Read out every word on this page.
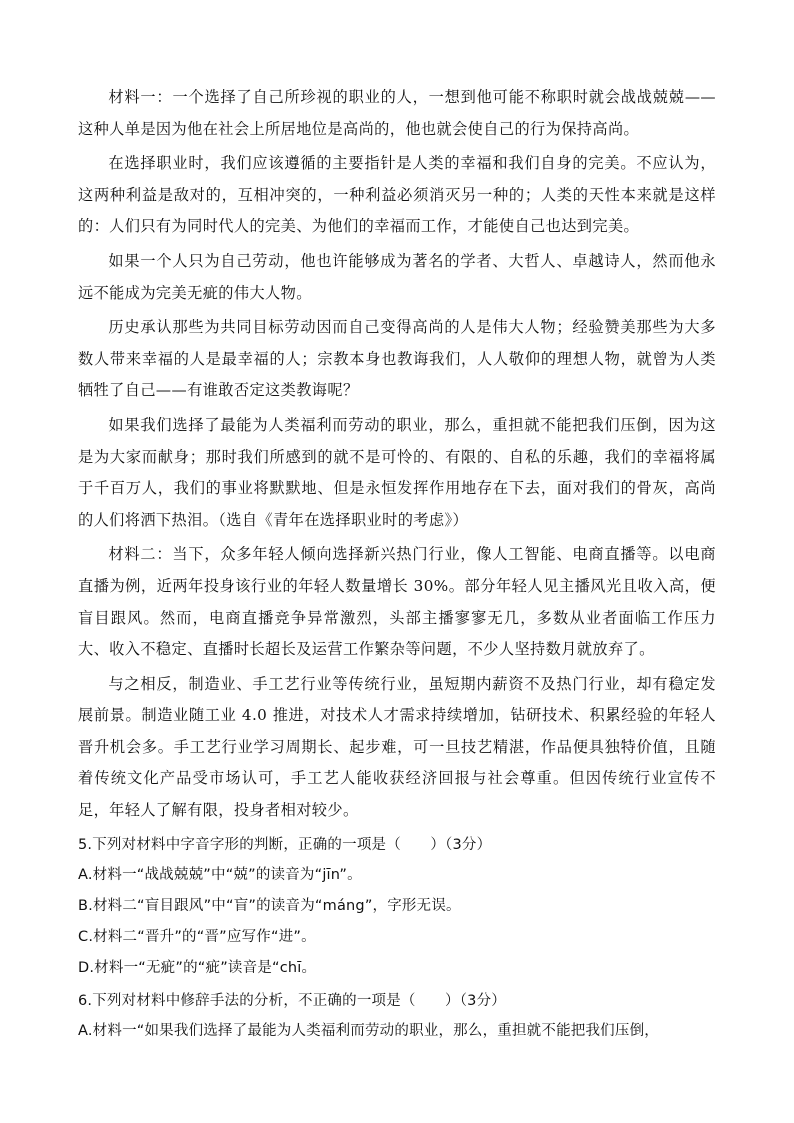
材料一：一个选择了自己所珍视的职业的人，一想到他可能不称职时就会战战兢兢——这种人单是因为他在社会上所居地位是高尚的，他也就会使自己的行为保持高尚。

在选择职业时，我们应该遵循的主要指针是人类的幸福和我们自身的完美。不应认为，这两种利益是敌对的，互相冲突的，一种利益必须消灭另一种的；人类的天性本来就是这样的：人们只有为同时代人的完美、为他们的幸福而工作，才能使自己也达到完美。

如果一个人只为自己劳动，他也许能够成为著名的学者、大哲人、卓越诗人，然而他永远不能成为完美无疵的伟大人物。

历史承认那些为共同目标劳动因而自己变得高尚的人是伟大人物；经验赞美那些为大多数人带来幸福的人是最幸福的人；宗教本身也教诲我们，人人敬仰的理想人物，就曾为人类牺牲了自己——有谁敢否定这类教诲呢？

如果我们选择了最能为人类福利而劳动的职业，那么，重担就不能把我们压倒，因为这是为大家而献身；那时我们所感到的就不是可怜的、有限的、自私的乐趣，我们的幸福将属于千百万人，我们的事业将默默地、但是永恒发挥作用地存在下去，面对我们的骨灰，高尚的人们将洒下热泪。（选自《青年在选择职业时的考虑》）

材料二：当下，众多年轻人倾向选择新兴热门行业，像人工智能、电商直播等。以电商直播为例，近两年投身该行业的年轻人数量增长 30%。部分年轻人见主播风光且收入高，便盲目跟风。然而，电商直播竞争异常激烈，头部主播寥寥无几，多数从业者面临工作压力大、收入不稳定、直播时长超长及运营工作繁杂等问题，不少人坚持数月就放弃了。

与之相反，制造业、手工艺行业等传统行业，虽短期内薪资不及热门行业，却有稳定发展前景。制造业随工业 4.0 推进，对技术人才需求持续增加，钻研技术、积累经验的年轻人晋升机会多。手工艺行业学习周期长、起步难，可一旦技艺精湛，作品便具独特价值，且随着传统文化产品受市场认可，手工艺人能收获经济回报与社会尊重。但因传统行业宣传不足，年轻人了解有限，投身者相对较少。

5.下列对材料中字音字形的判断，正确的一项是（　　）（3分）

A.材料一“战战兢兢”中“兢”的读音为“jīn”。

B.材料二“盲目跟风”中“盲”的读音为“máng”，字形无误。

C.材料二“晋升”的“晋”应写作“进”。

D.材料一“无疵”的“疵”读音是“chī。

6.下列对材料中修辞手法的分析，不正确的一项是（　　）（3分）

A.材料一“如果我们选择了最能为人类福利而劳动的职业，那么，重担就不能把我们压倒，
